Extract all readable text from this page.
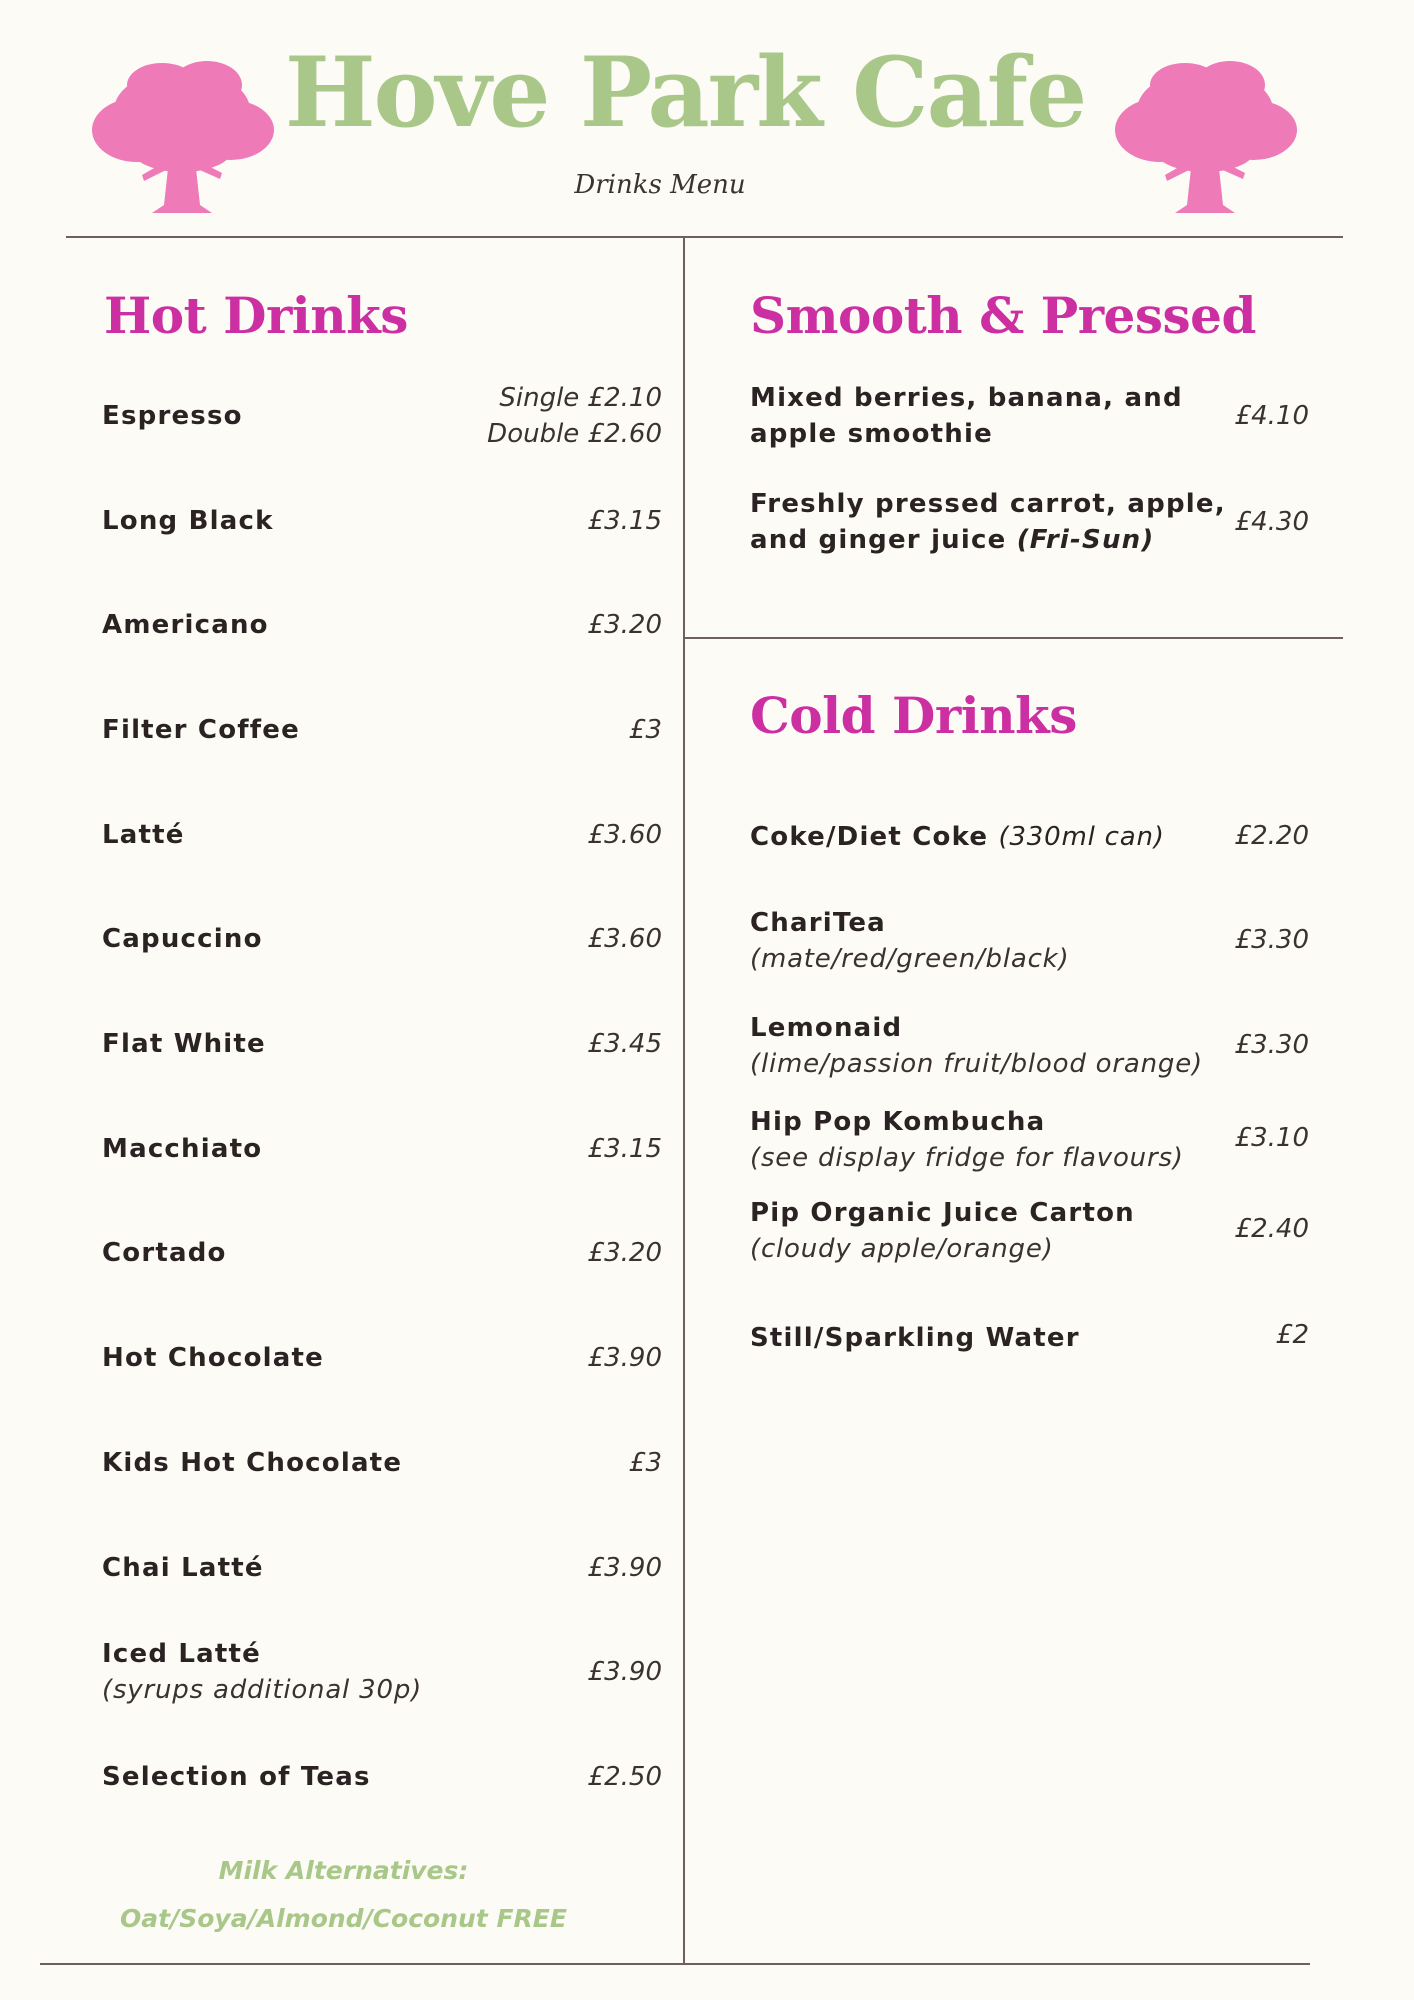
Hove Park Cafe
Drinks Menu
Hot Drinks
Espresso
Single £2.10
Double £2.60
Long Black	£3.15
Americano	£3.20
Filter Coffee	£3
Latté	£3.60
Capuccino	£3.60
Flat White	£3.45
Macchiato	£3.15
Cortado	£3.20
Hot Chocolate	£3.90
Kids Hot Chocolate	£3
Chai Latté	£3.90
Iced Latté
(syrups additional 30p)
£3.90
Selection of Teas	£2.50
Milk Alternatives:
Oat/Soya/Almond/Coconut FREE
Smooth & Pressed
Mixed berries, banana, and
apple smoothie
£4.10
Freshly pressed carrot, apple,
and ginger juice (Fri-Sun)
£4.30
Cold Drinks
Coke/Diet Coke (330ml can)	£2.20
ChariTea
(mate/red/green/black)
£3.30
Lemonaid
(lime/passion fruit/blood orange)
£3.30
Hip Pop Kombucha
(see display fridge for flavours)
£3.10
Pip Organic Juice Carton
(cloudy apple/orange)
£2.40
Still/Sparkling Water	£2
